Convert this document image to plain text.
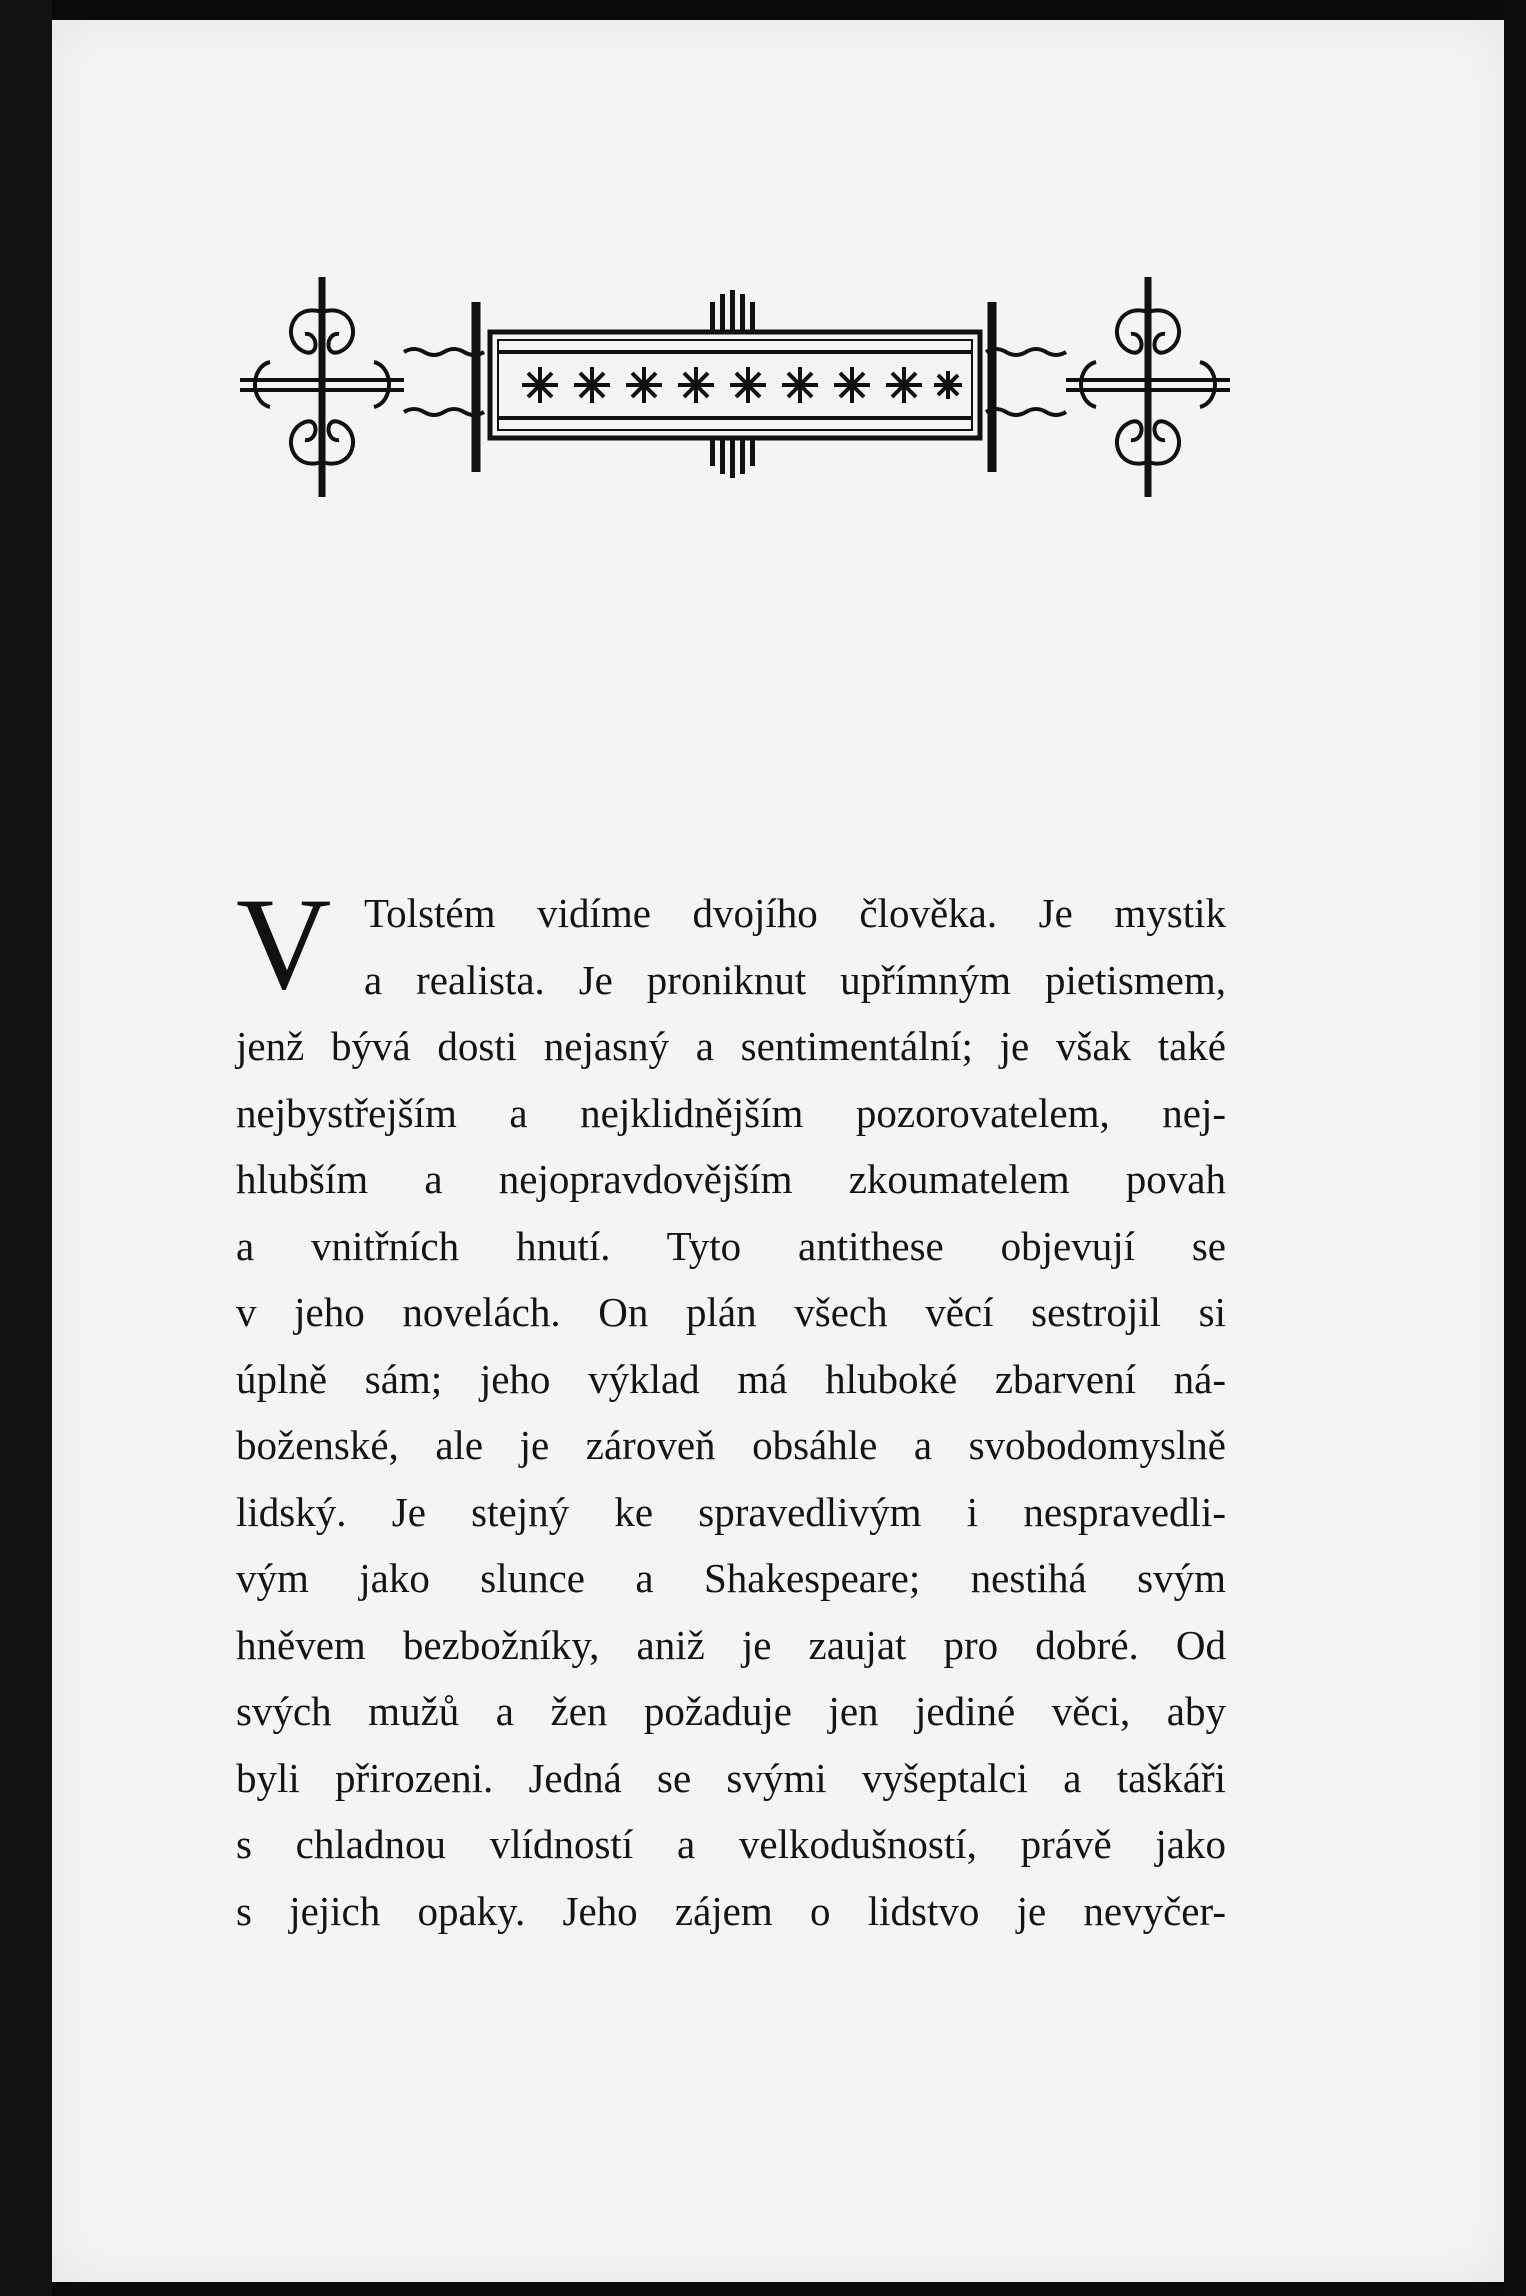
V Tolstém vidíme dvojího člověka. Je mystik
a realista. Je proniknut upřímným pietismem,
jenž bývá dosti nejasný a sentimentální; je však také
nejbystřejším a nejklidnějším pozorovatelem, nej-
hlubším a nejopravdovějším zkoumatelem povah
a vnitřních hnutí. Tyto antithese objevují se
v jeho novelách. On plán všech věcí sestrojil si
úplně sám; jeho výklad má hluboké zbarvení ná-
boženské, ale je zároveň obsáhle a svobodomyslně
lidský. Je stejný ke spravedlivým i nespravedli-
vým jako slunce a Shakespeare; nestihá svým
hněvem bezbožníky, aniž je zaujat pro dobré. Od
svých mužů a žen požaduje jen jediné věci, aby
byli přirozeni. Jedná se svými vyšeptalci a taškáři
s chladnou vlídností a velkodušností, právě jako
s jejich opaky. Jeho zájem o lidstvo je nevyčer-
